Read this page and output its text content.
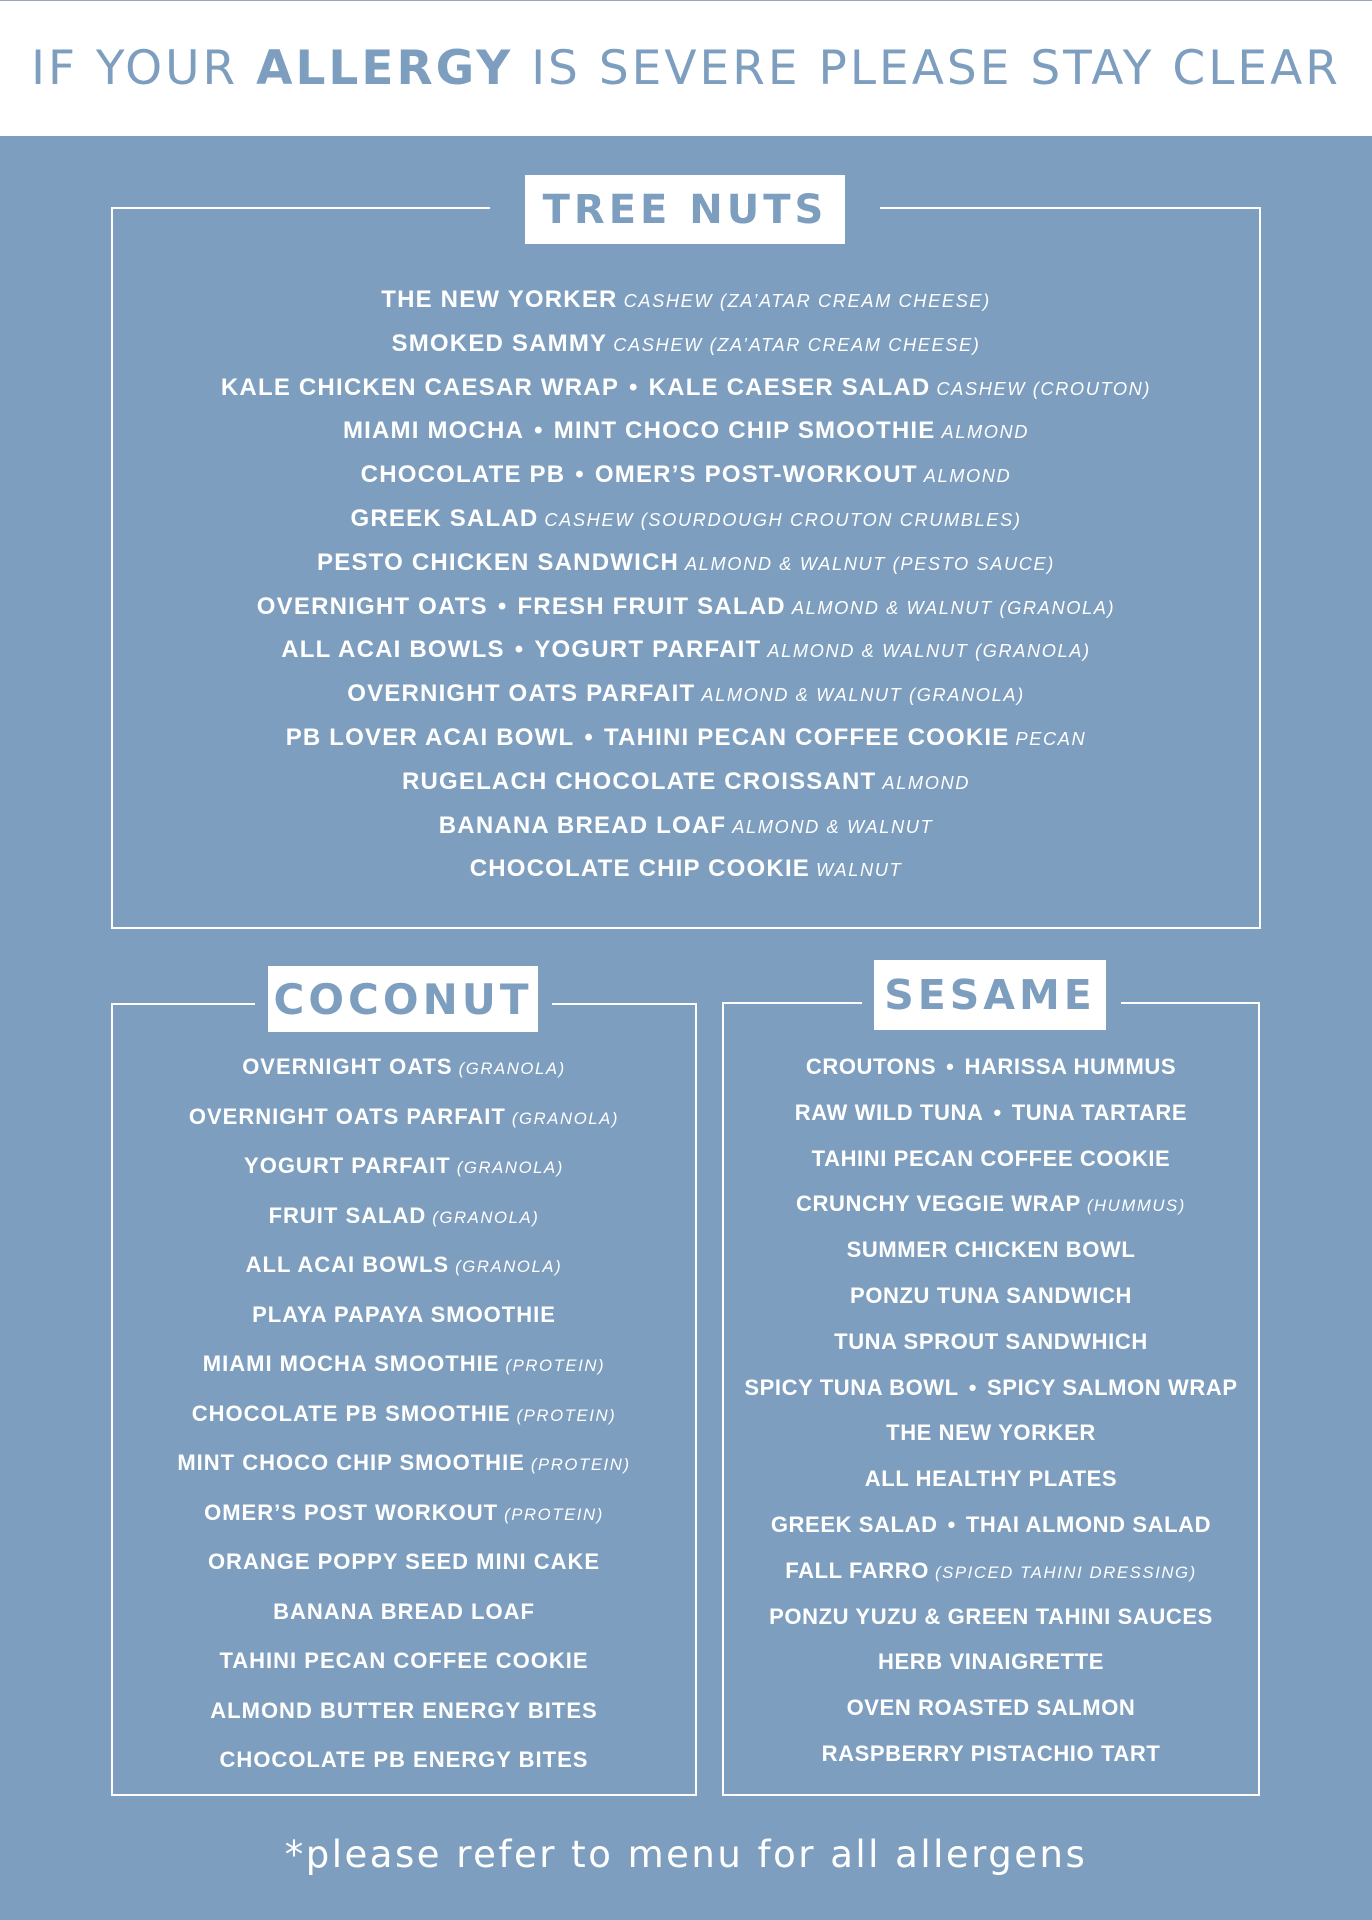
IF YOUR ALLERGY IS SEVERE PLEASE STAY CLEAR
TREE NUTS
THE NEW YORKER CASHEW (ZA’ATAR CREAM CHEESE)
SMOKED SAMMY CASHEW (ZA’ATAR CREAM CHEESE)
KALE CHICKEN CAESAR WRAP • KALE CAESER SALAD CASHEW (CROUTON)
MIAMI MOCHA • MINT CHOCO CHIP SMOOTHIE ALMOND
CHOCOLATE PB • OMER’S POST-WORKOUT ALMOND
GREEK SALAD CASHEW (SOURDOUGH CROUTON CRUMBLES)
PESTO CHICKEN SANDWICH ALMOND & WALNUT (PESTO SAUCE)
OVERNIGHT OATS • FRESH FRUIT SALAD ALMOND & WALNUT (GRANOLA)
ALL ACAI BOWLS • YOGURT PARFAIT ALMOND & WALNUT (GRANOLA)
OVERNIGHT OATS PARFAIT ALMOND & WALNUT (GRANOLA)
PB LOVER ACAI BOWL • TAHINI PECAN COFFEE COOKIE PECAN
RUGELACH CHOCOLATE CROISSANT ALMOND
BANANA BREAD LOAF ALMOND & WALNUT
CHOCOLATE CHIP COOKIE WALNUT
COCONUT
OVERNIGHT OATS (GRANOLA)
OVERNIGHT OATS PARFAIT (GRANOLA)
YOGURT PARFAIT (GRANOLA)
FRUIT SALAD (GRANOLA)
ALL ACAI BOWLS (GRANOLA)
PLAYA PAPAYA SMOOTHIE
MIAMI MOCHA SMOOTHIE (PROTEIN)
CHOCOLATE PB SMOOTHIE (PROTEIN)
MINT CHOCO CHIP SMOOTHIE (PROTEIN)
OMER’S POST WORKOUT (PROTEIN)
ORANGE POPPY SEED MINI CAKE
BANANA BREAD LOAF
TAHINI PECAN COFFEE COOKIE
ALMOND BUTTER ENERGY BITES
CHOCOLATE PB ENERGY BITES
SESAME
CROUTONS • HARISSA HUMMUS
RAW WILD TUNA • TUNA TARTARE
TAHINI PECAN COFFEE COOKIE
CRUNCHY VEGGIE WRAP (HUMMUS)
SUMMER CHICKEN BOWL
PONZU TUNA SANDWICH
TUNA SPROUT SANDWHICH
SPICY TUNA BOWL • SPICY SALMON WRAP
THE NEW YORKER
ALL HEALTHY PLATES
GREEK SALAD • THAI ALMOND SALAD
FALL FARRO (SPICED TAHINI DRESSING)
PONZU YUZU & GREEN TAHINI SAUCES
HERB VINAIGRETTE
OVEN ROASTED SALMON
RASPBERRY PISTACHIO TART
*please refer to menu for all allergens
